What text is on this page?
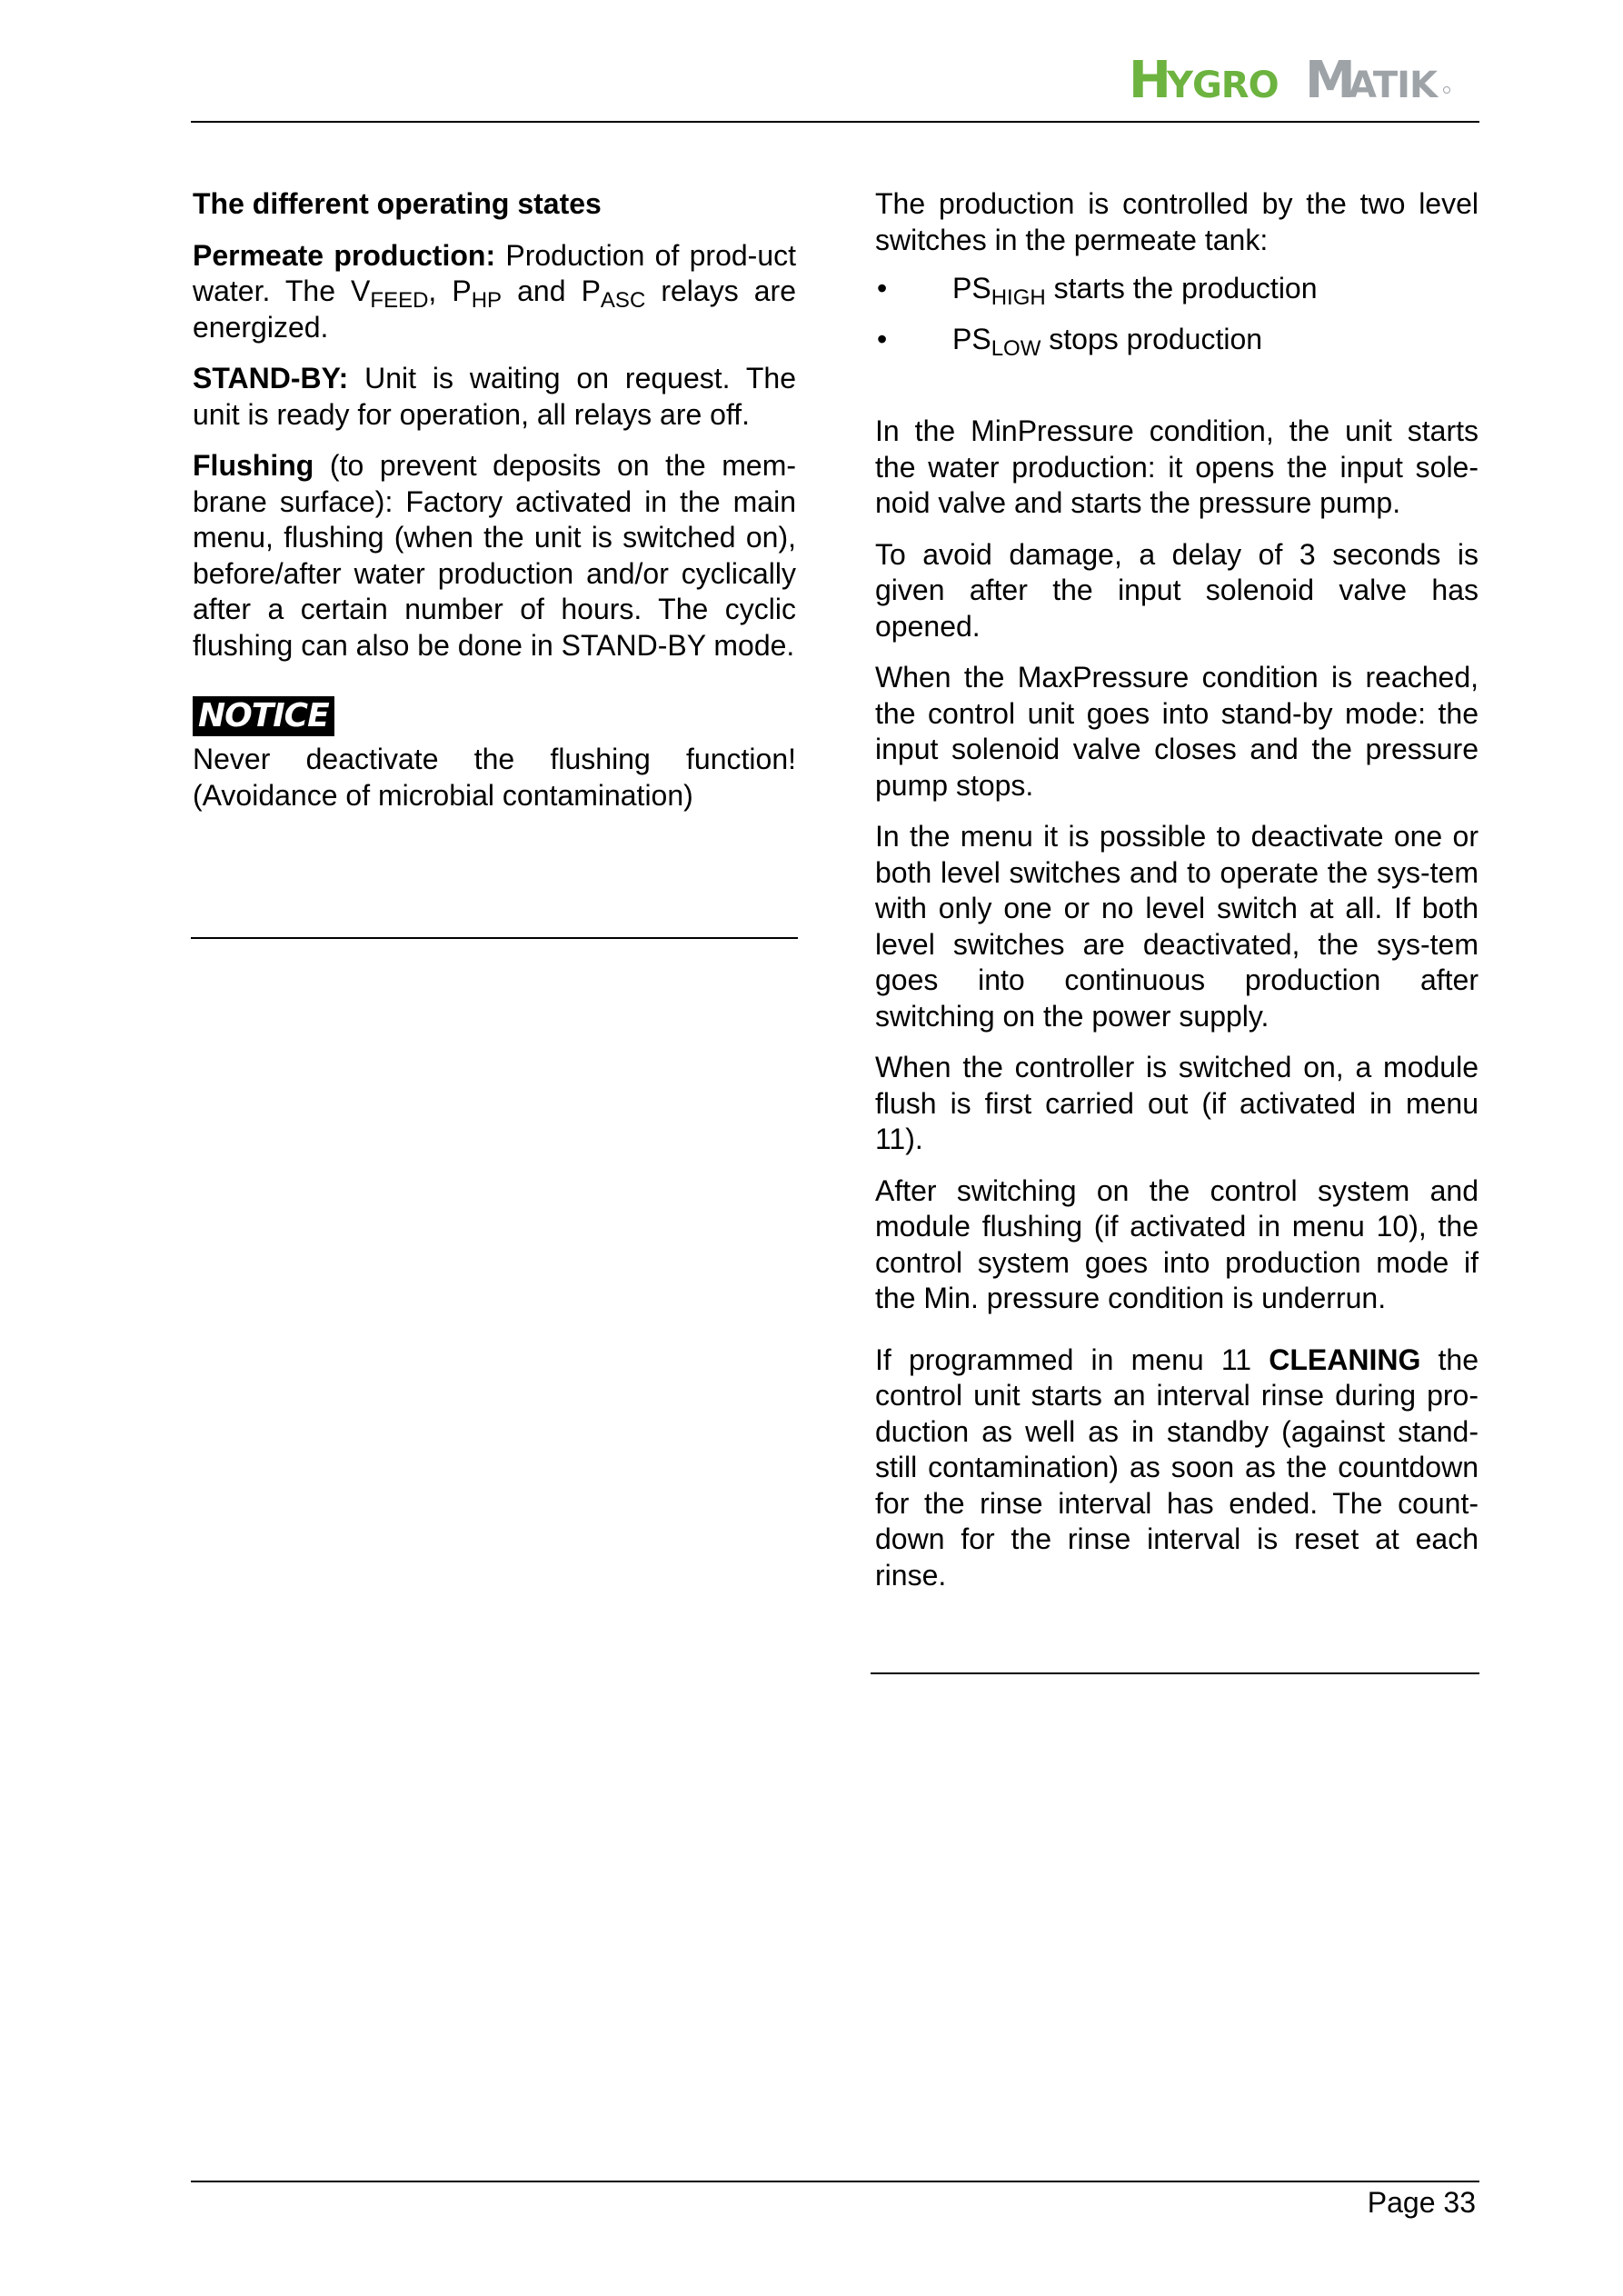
H
YGRO M
ATIK

The different operating states

Permeate production: Production of prod-uct water. The $V_{FEED}$, $P_{HP}$ and $P_{ASC}$ relays are energized.

STAND-BY: Unit is waiting on request. The unit is ready for operation, all relays are off.

Flushing (to prevent deposits on the mem-brane surface): Factory activated in the main menu, flushing (when the unit is switched on), before/after water production and/or cyclically after a certain number of hours. The cyclic flushing can also be done in STAND-BY mode.

NOTICE

Never deactivate the flushing function! (Avoidance of microbial contamination)

The production is controlled by the two level switches in the permeate tank:

• $PS_{HIGH}$ starts the production
• $PS_{LOW}$ stops production

In the MinPressure condition, the unit starts the water production: it opens the input sole-noid valve and starts the pressure pump.

To avoid damage, a delay of 3 seconds is given after the input solenoid valve has opened.

When the MaxPressure condition is reached, the control unit goes into stand-by mode: the input solenoid valve closes and the pressure pump stops.

In the menu it is possible to deactivate one or both level switches and to operate the sys-tem with only one or no level switch at all. If both level switches are deactivated, the sys-tem goes into continuous production after switching on the power supply.

When the controller is switched on, a module flush is first carried out (if activated in menu 11).

After switching on the control system and module flushing (if activated in menu 10), the control system goes into production mode if the Min. pressure condition is underrun.

If programmed in menu 11 CLEANING the control unit starts an interval rinse during pro-duction as well as in standby (against stand-still contamination) as soon as the countdown for the rinse interval has ended. The count-down for the rinse interval is reset at each rinse.

Page 33
